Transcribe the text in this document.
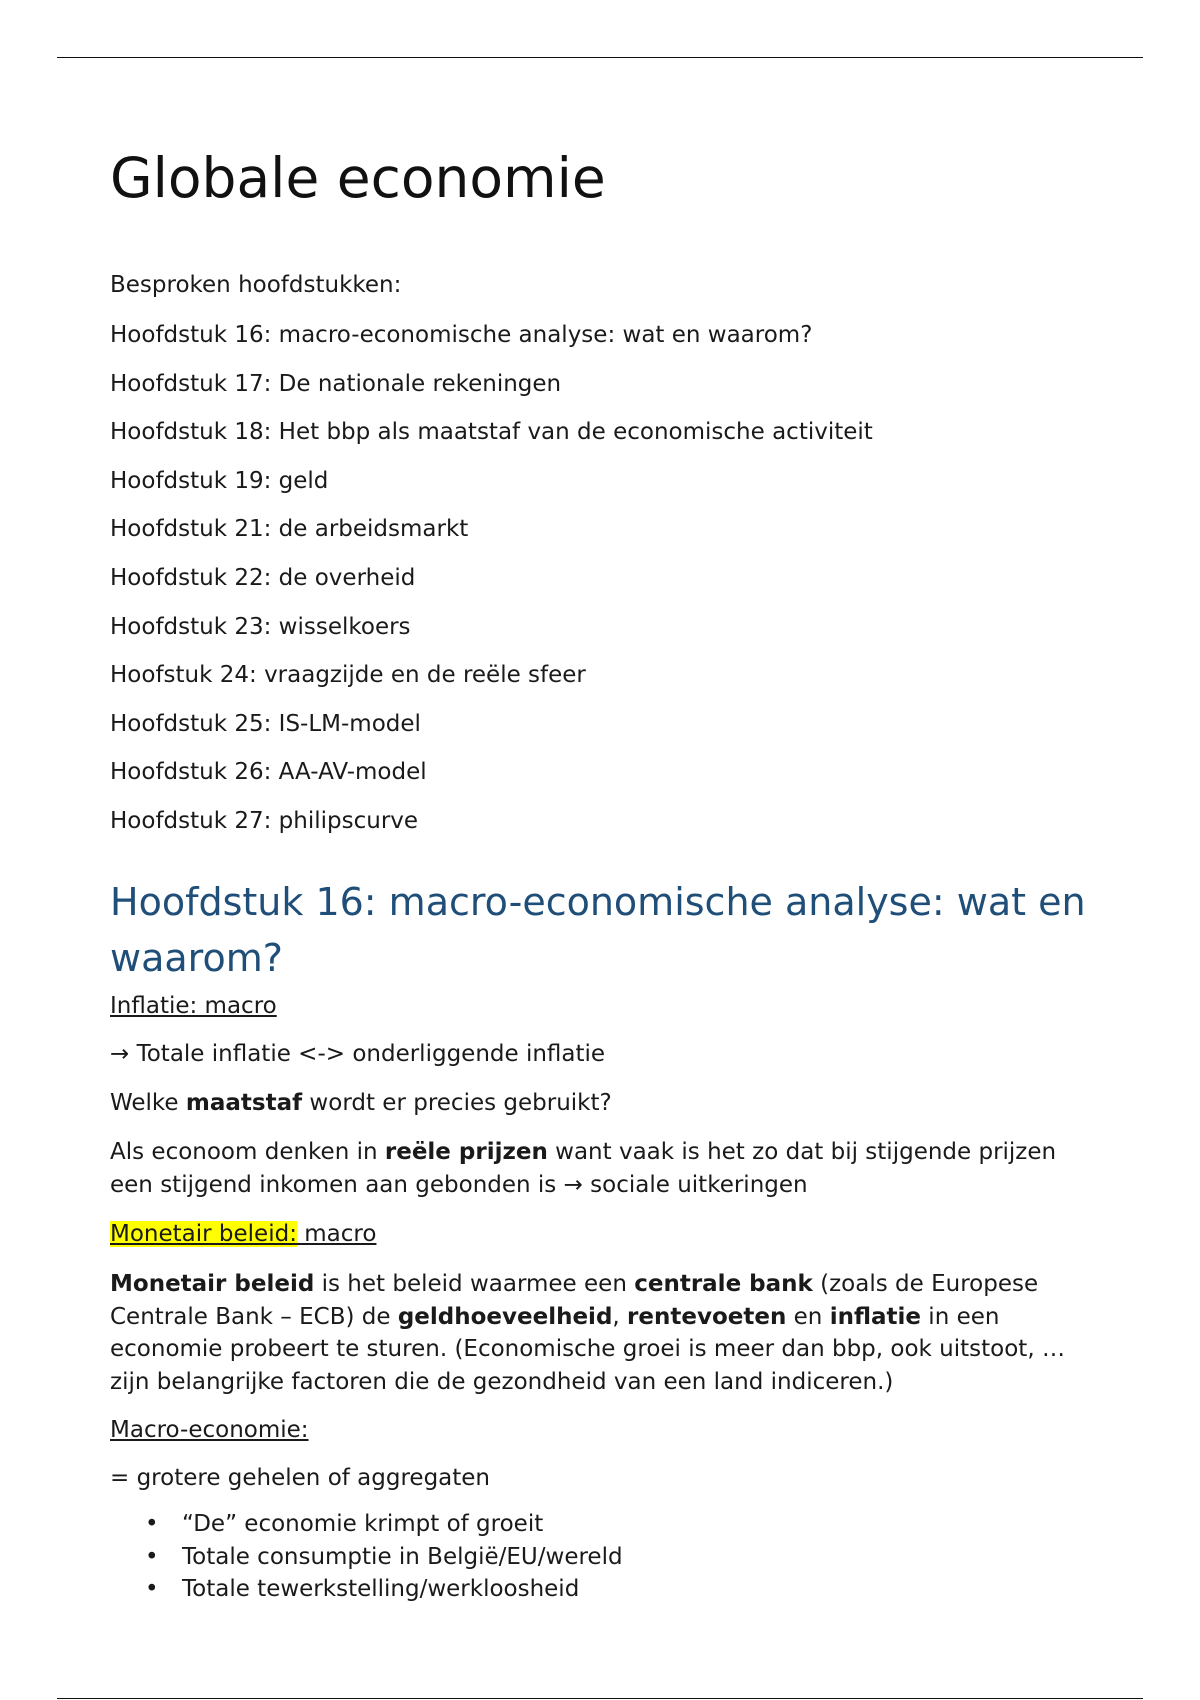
Globale economie

Besproken hoofdstukken:

Hoofdstuk 16: macro-economische analyse: wat en waarom?
Hoofdstuk 17: De nationale rekeningen
Hoofdstuk 18: Het bbp als maatstaf van de economische activiteit
Hoofdstuk 19: geld
Hoofdstuk 21: de arbeidsmarkt
Hoofdstuk 22: de overheid
Hoofdstuk 23: wisselkoers
Hoofstuk 24: vraagzijde en de reële sfeer
Hoofdstuk 25: IS-LM-model
Hoofdstuk 26: AA-AV-model
Hoofdstuk 27: philipscurve
Hoofdstuk 16: macro-economische analyse: wat en waarom?

Inflatie: macro

→ Totale inflatie <-> onderliggende inflatie

Welke maatstaf wordt er precies gebruikt?

Als econoom denken in reële prijzen want vaak is het zo dat bij stijgende prijzen een stijgend inkomen aan gebonden is → sociale uitkeringen

Monetair beleid: macro

Monetair beleid is het beleid waarmee een centrale bank (zoals de Europese Centrale Bank – ECB) de geldhoeveelheid, rentevoeten en inflatie in een economie probeert te sturen. (Economische groei is meer dan bbp, ook uitstoot, … zijn belangrijke factoren die de gezondheid van een land indiceren.)

Macro-economie:

= grotere gehelen of aggregaten

• “De” economie krimpt of groeit
• Totale consumptie in België/EU/wereld
• Totale tewerkstelling/werkloosheid
